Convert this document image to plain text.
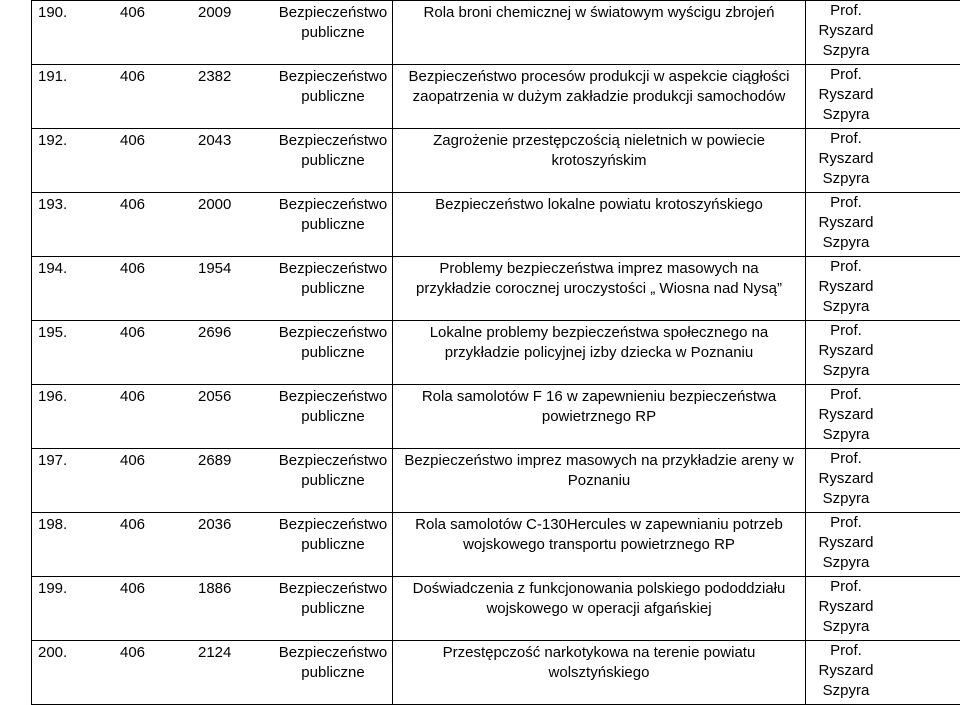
190. 406 2009 Bezpieczeństwo publiczne	Rola broni chemicznej w światowym wyścigu zbrojeń	Prof. Ryszard Szpyra

191. 406 2382 Bezpieczeństwo publiczne	Bezpieczeństwo procesów produkcji w aspekcie ciągłości zaopatrzenia w dużym zakładzie produkcji samochodów	Prof. Ryszard Szpyra

192. 406 2043 Bezpieczeństwo publiczne	Zagrożenie przestępczością nieletnich w powiecie krotoszyńskim	Prof. Ryszard Szpyra

193. 406 2000 Bezpieczeństwo publiczne	Bezpieczeństwo lokalne powiatu krotoszyńskiego	Prof. Ryszard Szpyra

194. 406 1954 Bezpieczeństwo publiczne	Problemy bezpieczeństwa imprez masowych na przykładzie corocznej uroczystości „ Wiosna nad Nysą”	Prof. Ryszard Szpyra

195. 406 2696 Bezpieczeństwo publiczne	Lokalne problemy bezpieczeństwa społecznego na przykładzie policyjnej izby dziecka w Poznaniu	Prof. Ryszard Szpyra

196. 406 2056 Bezpieczeństwo publiczne	Rola samolotów F 16 w zapewnieniu bezpieczeństwa powietrznego RP	Prof. Ryszard Szpyra

197. 406 2689 Bezpieczeństwo publiczne	Bezpieczeństwo imprez masowych na przykładzie areny w Poznaniu	Prof. Ryszard Szpyra

198. 406 2036 Bezpieczeństwo publiczne	Rola samolotów C-130Hercules w zapewnianiu potrzeb wojskowego transportu powietrznego RP	Prof. Ryszard Szpyra

199. 406 1886 Bezpieczeństwo publiczne	Doświadczenia z funkcjonowania polskiego pododdziału wojskowego w operacji afgańskiej	Prof. Ryszard Szpyra

200. 406 2124 Bezpieczeństwo publiczne	Przestępczość narkotykowa na terenie powiatu wolsztyńskiego	Prof. Ryszard Szpyra
